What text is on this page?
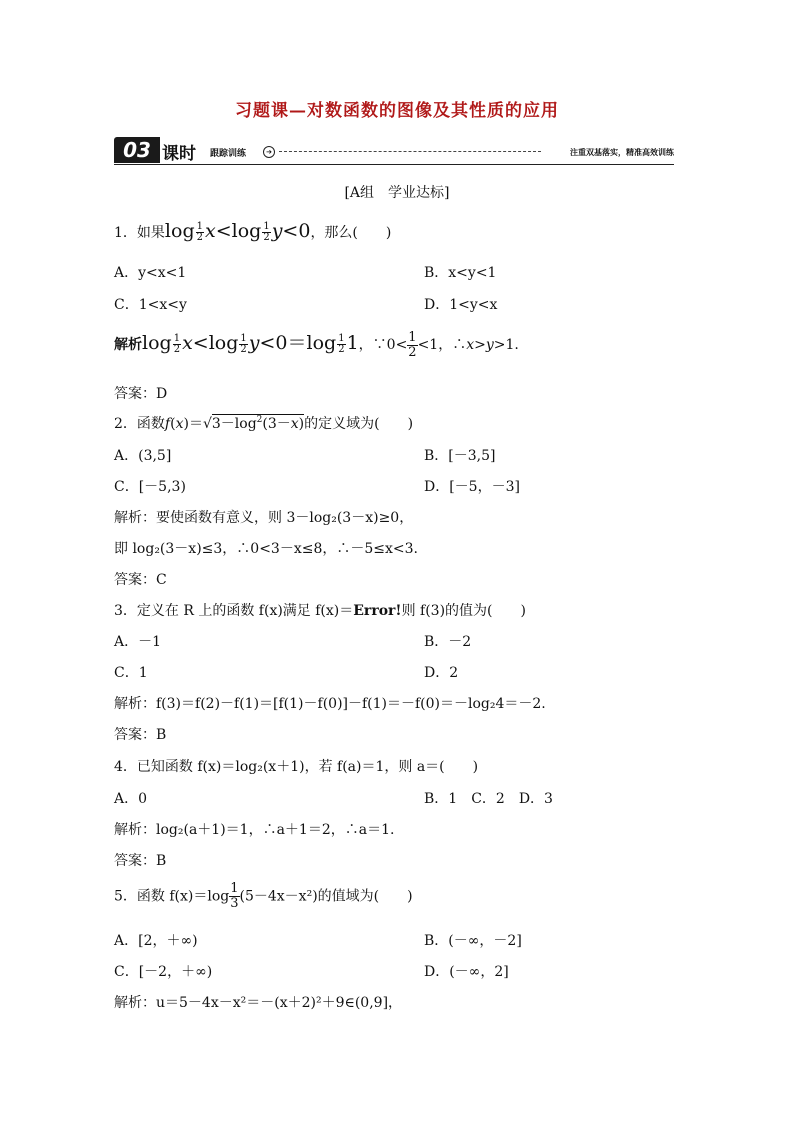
习题课—对数函数的图像及其性质的应用
03 课时 跟踪训练	➔	注重双基落实，精准高效训练
[A组　学业达标]
1．如果$\log \frac{1}{2} x<\log \frac{1}{2} y<0$，那么(　　)
A．y<x<1	B．x<y<1
C．1<x<y	D．1<y<x
解析$\log \frac{1}{2} x<\log \frac{1}{2} y<0=\log \frac{1}{2} 1$，∵0< $\frac{1}{2} <1$，∴x>y>1.
答案：D
2．函数$f(x)=√3-\log^2(3-x)$的定义域为(　　)
A．(3,5]	B．[－3,5]
C．[－5,3)	D．[－5，－3]
解析：要使函数有意义，则 3－log₂(3－x)≥0，
即 log₂(3－x)≤3，∴0<3－x≤8，∴－5≤x<3.
答案：C
3．定义在 R 上的函数 f(x)满足 f(x)＝Error!则 f(3)的值为(　　)
A．－1	B．－2
C．1	D．2
解析：f(3)＝f(2)－f(1)＝[f(1)－f(0)]－f(1)＝－f(0)＝－log₂4＝－2.
答案：B
4．已知函数 f(x)＝log₂(x＋1)，若 f(a)＝1，则 a＝(　　)
A．0	B．1　C．2　D．3
解析：log₂(a＋1)＝1，∴a＋1＝2，∴a＝1.
答案：B
5．函数 $f(x)=\log \frac{1}{3} (5-4x-x^2)$的值域为(　　)
A．[2，＋∞)	B．(－∞，－2]
C．[－2，＋∞)	D．(－∞，2]
解析：u＝5－4x－x²＝－(x＋2)²＋9∈(0,9]，
